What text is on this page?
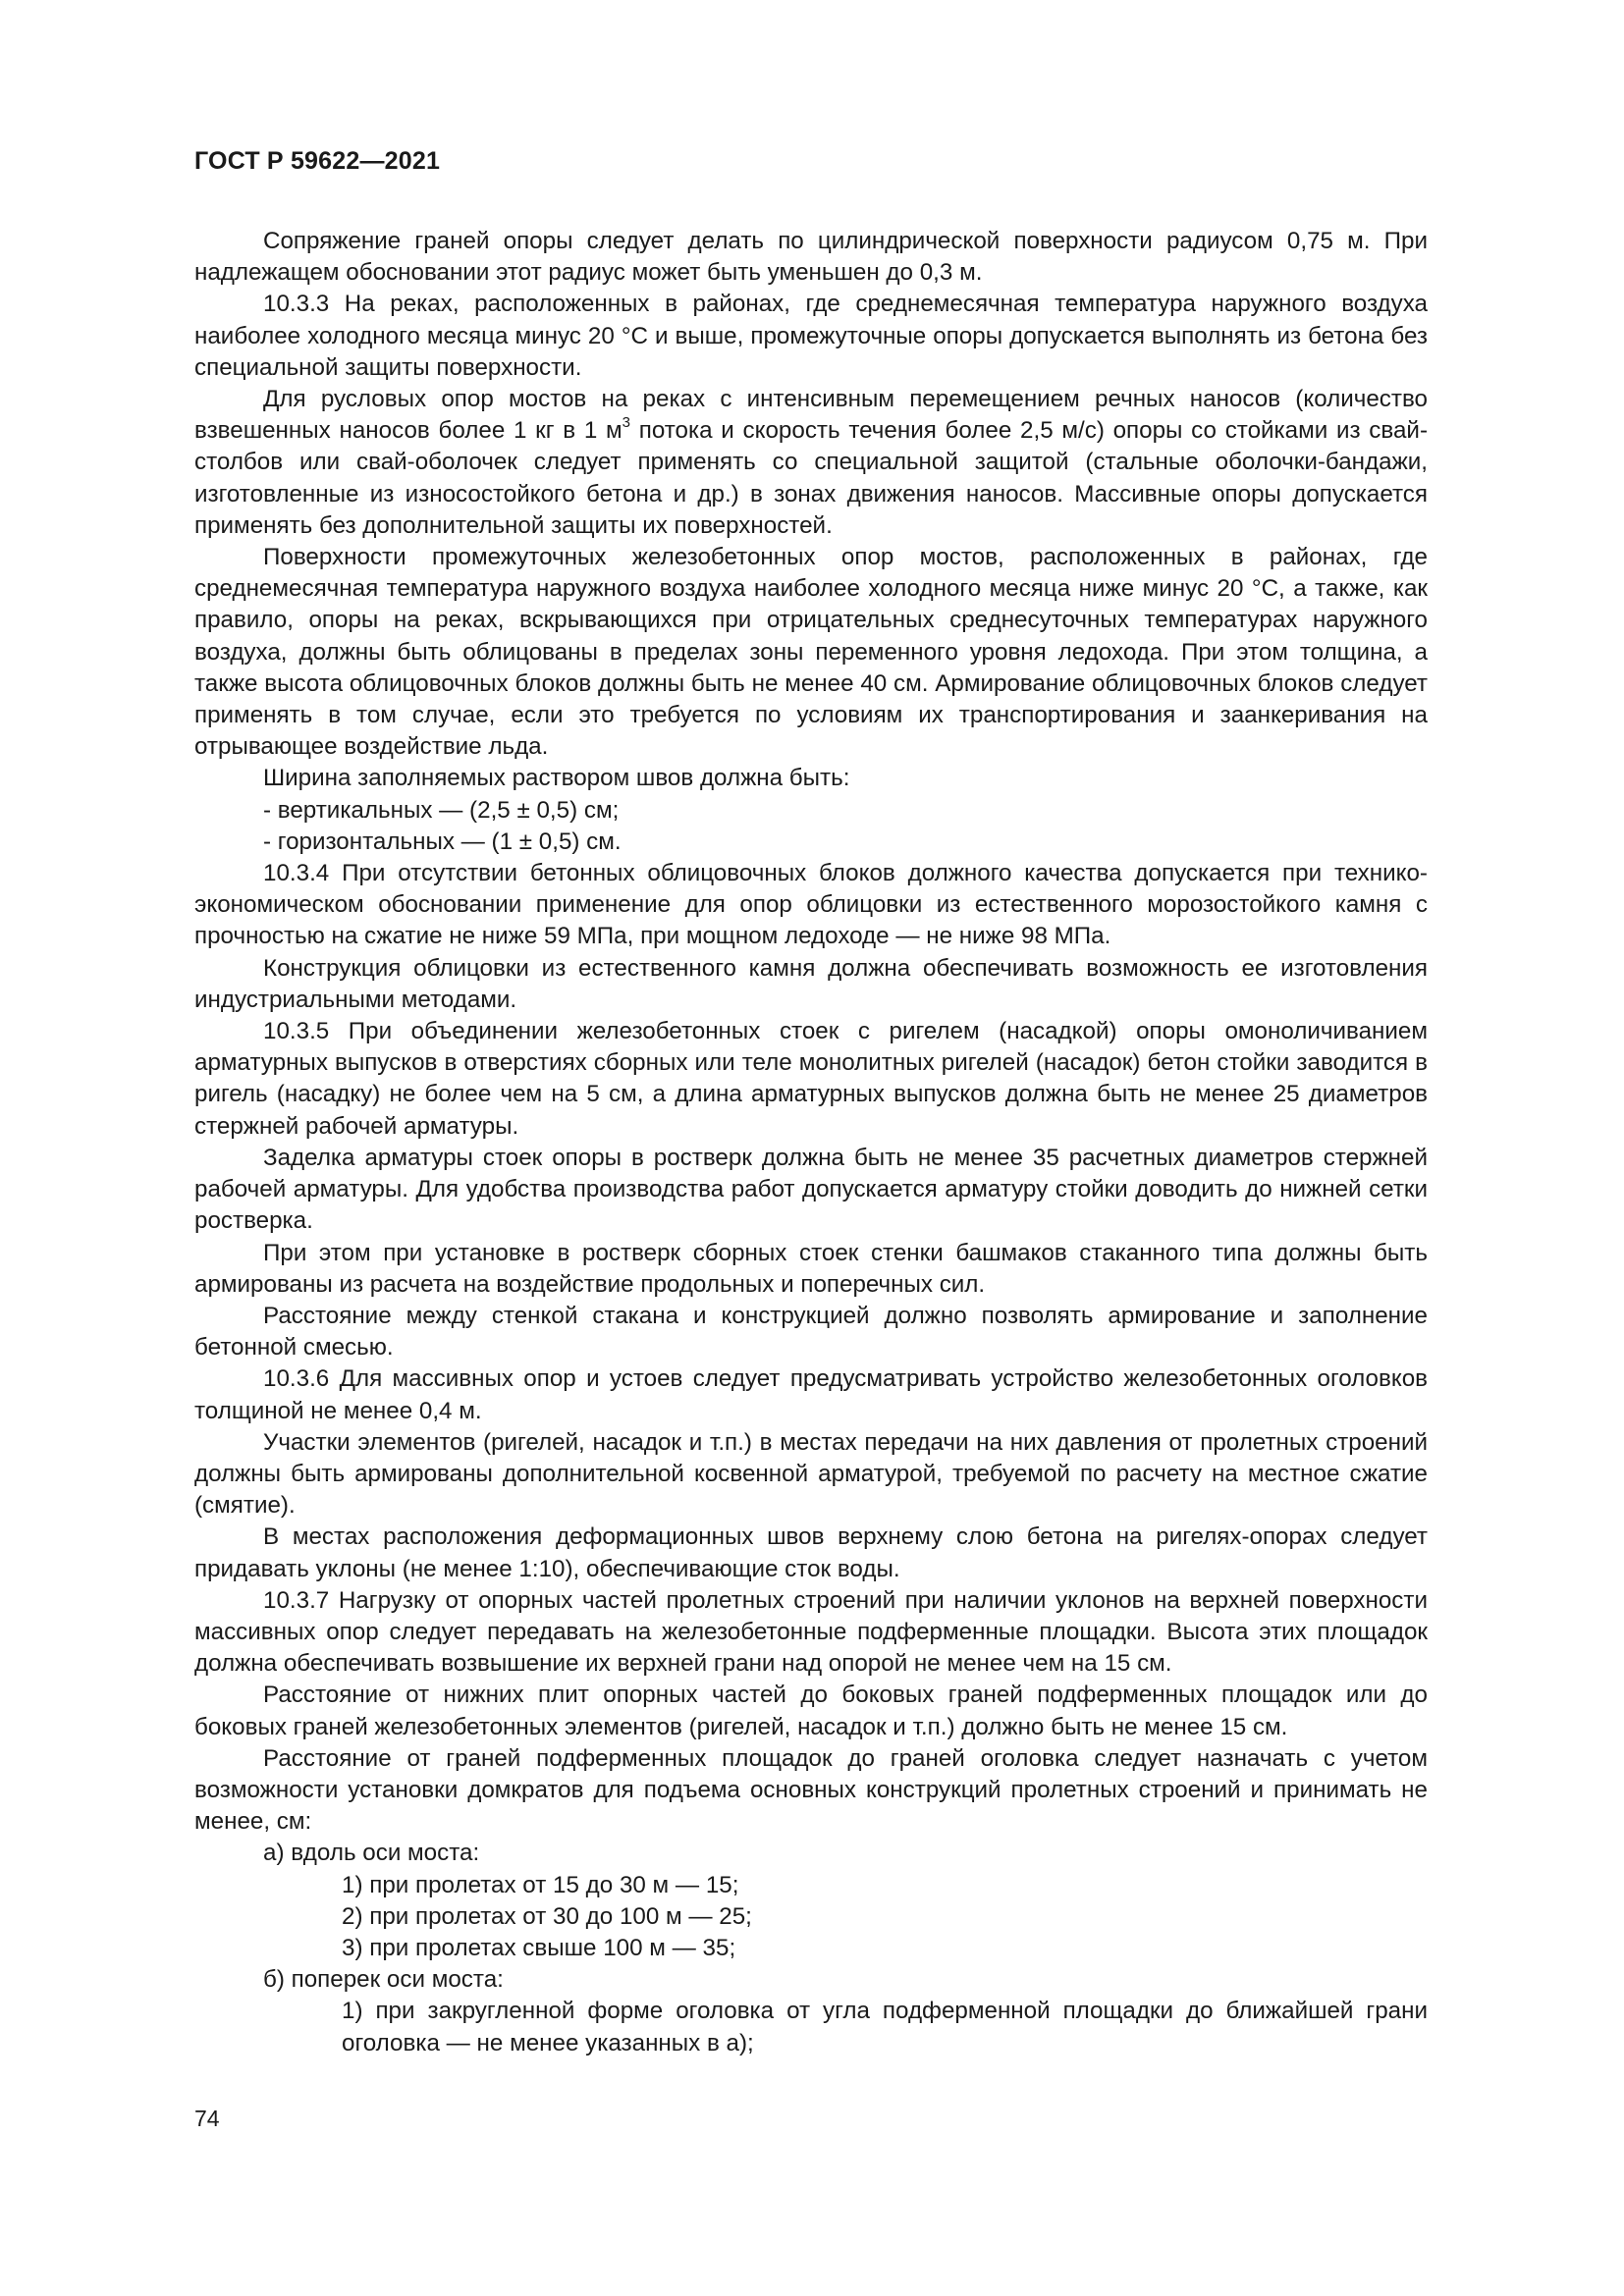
ГОСТ Р 59622—2021

Сопряжение граней опоры следует делать по цилиндрической поверхности радиусом 0,75 м. При надлежащем обосновании этот радиус может быть уменьшен до 0,3 м.

10.3.3 На реках, расположенных в районах, где среднемесячная температура наружного воздуха наиболее холодного месяца минус 20 °С и выше, промежуточные опоры допускается выполнять из бетона без специальной защиты поверхности.

Для русловых опор мостов на реках с интенсивным перемещением речных наносов (количество взвешенных наносов более 1 кг в 1 $м^3$ потока и скорость течения более 2,5 м/с) опоры со стойками из свай-столбов или свай-оболочек следует применять со специальной защитой (стальные оболочки-бандажи, изготовленные из износостойкого бетона и др.) в зонах движения наносов. Массивные опоры допускается применять без дополнительной защиты их поверхностей.

Поверхности промежуточных железобетонных опор мостов, расположенных в районах, где среднемесячная температура наружного воздуха наиболее холодного месяца ниже минус 20 °С, а также, как правило, опоры на реках, вскрывающихся при отрицательных среднесуточных температурах наружного воздуха, должны быть облицованы в пределах зоны переменного уровня ледохода. При этом толщина, а также высота облицовочных блоков должны быть не менее 40 см. Армирование облицовочных блоков следует применять в том случае, если это требуется по условиям их транспортирования и заанкеривания на отрывающее воздействие льда.

Ширина заполняемых раствором швов должна быть:

- вертикальных — (2,5 ± 0,5) см;

- горизонтальных — (1 ± 0,5) см.

10.3.4 При отсутствии бетонных облицовочных блоков должного качества допускается при технико-экономическом обосновании применение для опор облицовки из естественного морозостойкого камня с прочностью на сжатие не ниже 59 МПа, при мощном ледоходе — не ниже 98 МПа.

Конструкция облицовки из естественного камня должна обеспечивать возможность ее изготовления индустриальными методами.

10.3.5 При объединении железобетонных стоек с ригелем (насадкой) опоры омоноличиванием арматурных выпусков в отверстиях сборных или теле монолитных ригелей (насадок) бетон стойки заводится в ригель (насадку) не более чем на 5 см, а длина арматурных выпусков должна быть не менее 25 диаметров стержней рабочей арматуры.

Заделка арматуры стоек опоры в ростверк должна быть не менее 35 расчетных диаметров стержней рабочей арматуры. Для удобства производства работ допускается арматуру стойки доводить до нижней сетки ростверка.

При этом при установке в ростверк сборных стоек стенки башмаков стаканного типа должны быть армированы из расчета на воздействие продольных и поперечных сил.

Расстояние между стенкой стакана и конструкцией должно позволять армирование и заполнение бетонной смесью.

10.3.6 Для массивных опор и устоев следует предусматривать устройство железобетонных оголовков толщиной не менее 0,4 м.

Участки элементов (ригелей, насадок и т.п.) в местах передачи на них давления от пролетных строений должны быть армированы дополнительной косвенной арматурой, требуемой по расчету на местное сжатие (смятие).

В местах расположения деформационных швов верхнему слою бетона на ригелях-опорах следует придавать уклоны (не менее 1:10), обеспечивающие сток воды.

10.3.7 Нагрузку от опорных частей пролетных строений при наличии уклонов на верхней поверхности массивных опор следует передавать на железобетонные подферменные площадки. Высота этих площадок должна обеспечивать возвышение их верхней грани над опорой не менее чем на 15 см.

Расстояние от нижних плит опорных частей до боковых граней подферменных площадок или до боковых граней железобетонных элементов (ригелей, насадок и т.п.) должно быть не менее 15 см.

Расстояние от граней подферменных площадок до граней оголовка следует назначать с учетом возможности установки домкратов для подъема основных конструкций пролетных строений и принимать не менее, см:

а) вдоль оси моста:
1) при пролетах от 15 до 30 м — 15;
2) при пролетах от 30 до 100 м — 25;
3) при пролетах свыше 100 м — 35;
б) поперек оси моста:
1) при закругленной форме оголовка от угла подферменной площадки до ближайшей грани оголовка — не менее указанных в а);
74
